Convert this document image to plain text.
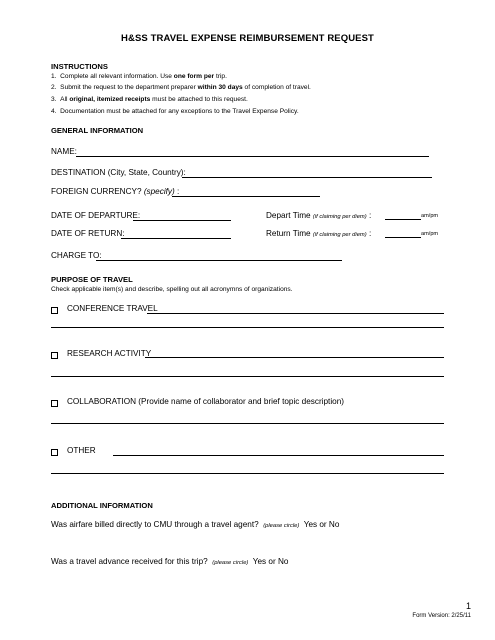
H&SS TRAVEL EXPENSE REIMBURSEMENT REQUEST
INSTRUCTIONS
1. Complete all relevant information. Use one form per trip.
2. Submit the request to the department preparer within 30 days of completion of travel.
3. All original, itemized receipts must be attached to this request.
4. Documentation must be attached for any exceptions to the Travel Expense Policy.
GENERAL INFORMATION
NAME:
DESTINATION (City, State, Country):
FOREIGN CURRENCY? (specify) :
DATE OF DEPARTURE:	Depart Time (if claiming per diem) :	am/pm
DATE OF RETURN:	Return Time (if claiming per diem) :	am/pm
CHARGE TO:
PURPOSE OF TRAVEL
Check applicable item(s) and describe, spelling out all acronymns of organizations.
CONFERENCE TRAVEL
RESEARCH ACTIVITY
COLLABORATION (Provide name of collaborator and brief topic description)
OTHER
ADDITIONAL INFORMATION
Was airfare billed directly to CMU through a travel agent? (please circle) Yes or No
Was a travel advance received for this trip? (please circle) Yes or No
1
Form Version: 2/25/11
